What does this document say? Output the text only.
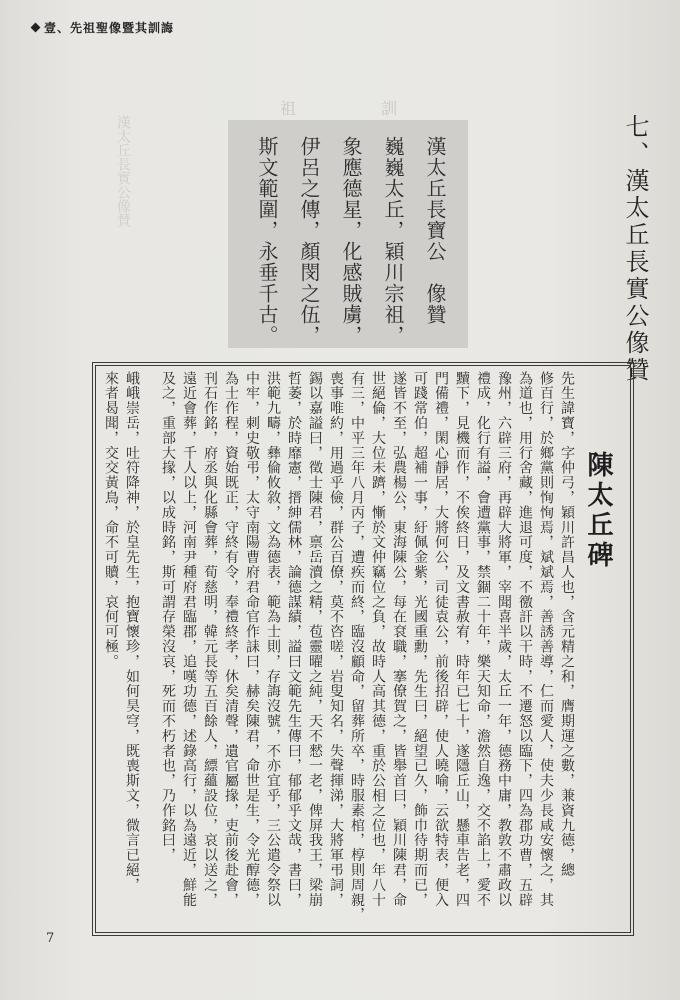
壹、先祖聖像暨其訓誨
祖 訓
漢太丘長實公像賛	七、漢太丘長實公像贊
漢太丘長寶公　像贊
巍巍太丘，穎川宗祖，
象應德星，化感賊虜，
伊呂之傳，顏閔之伍，
斯文範圍，永垂千古。
陳太丘碑
先生諱寶，字仲弓，穎川許昌人也，含元精之和，膺期運之數，兼資九德，總
修百行，於鄉黨則恂恂焉，斌斌焉，善誘善導，仁而愛人，使夫少長咸安懷之，其
為道也，用行舍藏，進退可度，不徼訐以干時，不遷怒以臨下，四為郡功曹，五辟
豫州，六辟三府，再辟大將軍，宰聞喜半歲，太丘一年，德務中庸，教敦不肅政以
禮成，化行有謚，會遭黨事，禁錮二十年，樂天知命，澹然自逸，交不諂上，愛不
黷下，見機而作，不俟終日，及文書赦宥，時年已七十，遂隱丘山，懸車告老，四
門備禮，閑心靜居，大將何公，司徒袁公，前後招辟，使人曉喻，云欲特表，便入
可踐常伯，超補一事，紆佩金紫，光國重勳，先生曰，絕望已久，飾巾待期而已，
遂皆不至，弘農楊公，東海陳公，每在袞職，搴僚賀之，皆舉首曰，穎川陳君，命
世絕倫，大位未躋，慚於文仲竊位之負，故時人高其德，重於公相之位也，年八十
有三，中平三年八月丙子，遭疾而終，臨沒顧命，留葬所卒，時服素棺，椁則周親，
喪事唯約，用過乎儉，群公百僚，莫不咨嗟，岩叟知名，失聲揮涕，大將軍弔詞，
錫以嘉謚曰，徵士陳君，禀岳瀆之精，苞靈曜之純，天不憖一老，俾屏我王，梁崩
哲萎，於時靡憲，搢紳儒林，論德謀績，謚曰文範先生傳曰，郁郁乎文哉，書曰，
洪範九疇，彝倫攸敘，文為德表，範為士則，存誨沒號，不亦宜乎，三公遣令祭以
中牢，刺史敬弔，太守南陽曹府君命官作誄曰，赫矣陳君，命世是生，令光醇德，
為士作程，資始既正，守終有令，奉禮終孝，休矣清聲，遺官屬掾，吏前後赴會，
刊石作銘，府丞與化縣會葬，荀慈明，韓元長等五百餘人，縹蘊設位，哀以送之，
遠近會葬，千人以上，河南尹種府君臨郡，追嘆功德，述錄高行，以為遠近，鮮能
及之，重部大掾，以成時銘，斯可謂存榮沒哀，死而不朽者也，乃作銘曰，
峨峨崇岳，吐符降神，於皇先生，抱寶懷珍，如何昊穹，既喪斯文，微言已絕，
來者曷聞，交交黃鳥，命不可贖，哀何可極。
7
